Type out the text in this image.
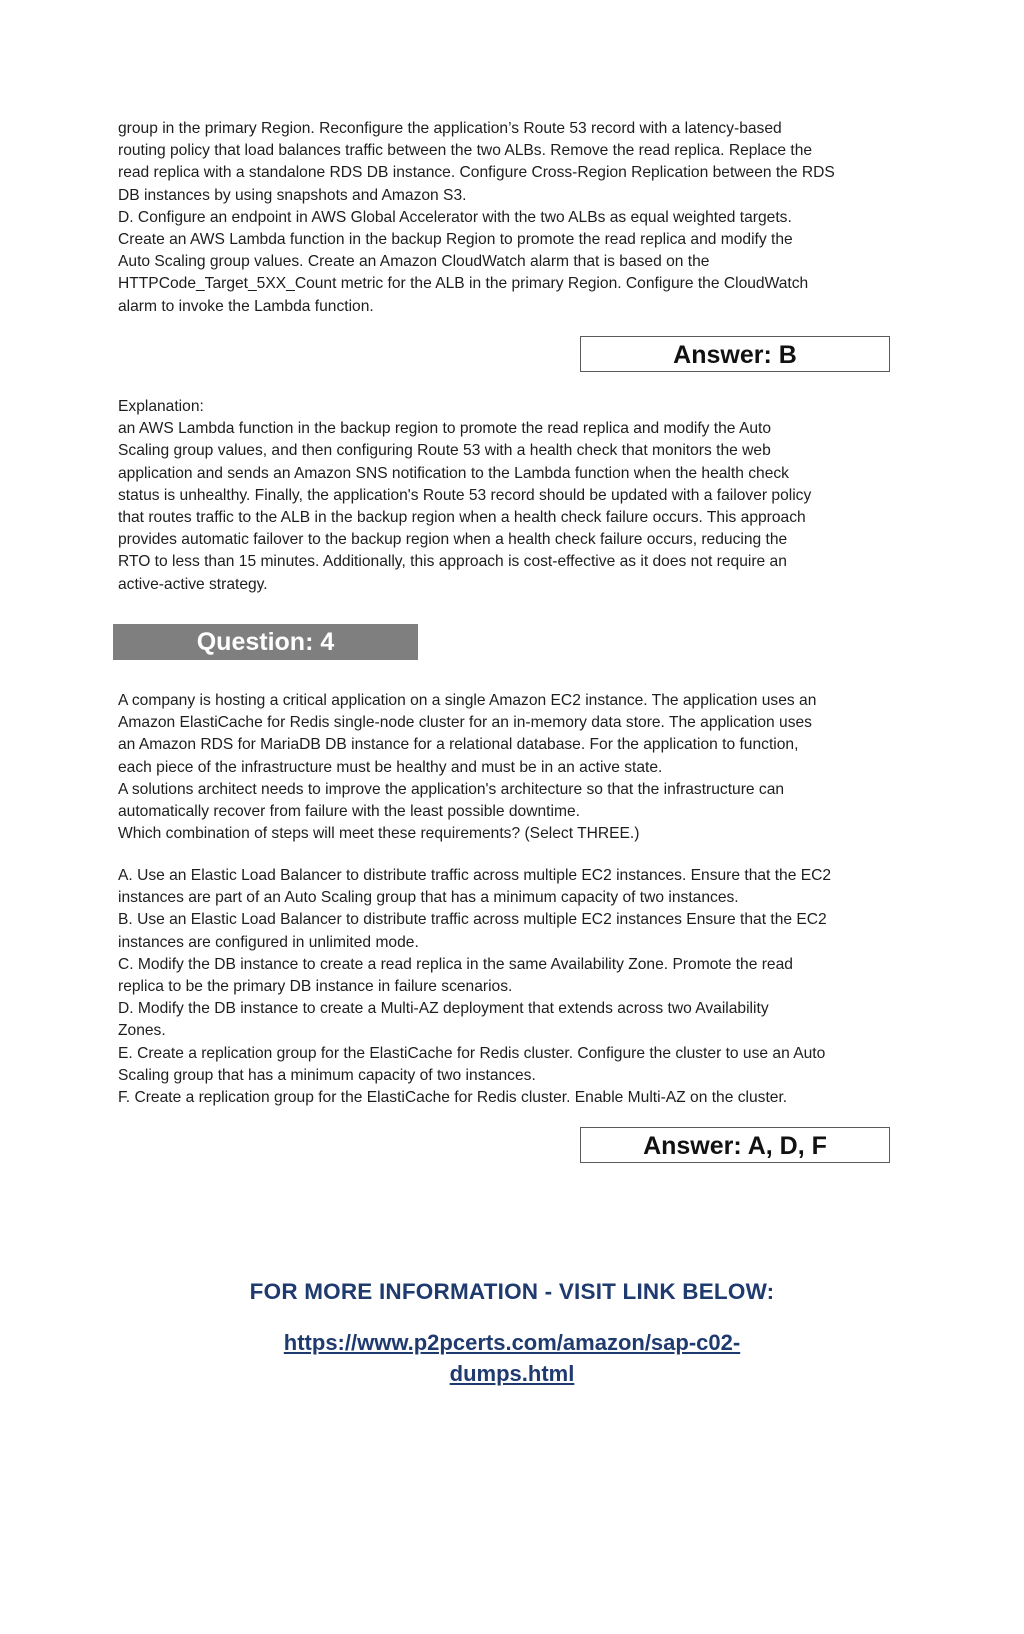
group in the primary Region. Reconfigure the application’s Route 53 record with a latency-based

routing policy that load balances traffic between the two ALBs. Remove the read replica. Replace the

read replica with a standalone RDS DB instance. Configure Cross-Region Replication between the RDS

DB instances by using snapshots and Amazon S3.

D. Configure an endpoint in AWS Global Accelerator with the two ALBs as equal weighted targets.

Create an AWS Lambda function in the backup Region to promote the read replica and modify the

Auto Scaling group values. Create an Amazon CloudWatch alarm that is based on the

HTTPCode_Target_5XX_Count metric for the ALB in the primary Region. Configure the CloudWatch

alarm to invoke the Lambda function.

Answer: B

Explanation:

an AWS Lambda function in the backup region to promote the read replica and modify the Auto

Scaling group values, and then configuring Route 53 with a health check that monitors the web

application and sends an Amazon SNS notification to the Lambda function when the health check

status is unhealthy. Finally, the application's Route 53 record should be updated with a failover policy

that routes traffic to the ALB in the backup region when a health check failure occurs. This approach

provides automatic failover to the backup region when a health check failure occurs, reducing the

RTO to less than 15 minutes. Additionally, this approach is cost-effective as it does not require an

active-active strategy.

Question: 4

A company is hosting a critical application on a single Amazon EC2 instance. The application uses an

Amazon ElastiCache for Redis single-node cluster for an in-memory data store. The application uses

an Amazon RDS for MariaDB DB instance for a relational database. For the application to function,

each piece of the infrastructure must be healthy and must be in an active state.

A solutions architect needs to improve the application's architecture so that the infrastructure can

automatically recover from failure with the least possible downtime.

Which combination of steps will meet these requirements? (Select THREE.)

A. Use an Elastic Load Balancer to distribute traffic across multiple EC2 instances. Ensure that the EC2

instances are part of an Auto Scaling group that has a minimum capacity of two instances.

B. Use an Elastic Load Balancer to distribute traffic across multiple EC2 instances Ensure that the EC2

instances are configured in unlimited mode.

C. Modify the DB instance to create a read replica in the same Availability Zone. Promote the read

replica to be the primary DB instance in failure scenarios.

D. Modify the DB instance to create a Multi-AZ deployment that extends across two Availability

Zones.

E. Create a replication group for the ElastiCache for Redis cluster. Configure the cluster to use an Auto

Scaling group that has a minimum capacity of two instances.

F. Create a replication group for the ElastiCache for Redis cluster. Enable Multi-AZ on the cluster.

Answer: A, D, F
FOR MORE INFORMATION - VISIT LINK BELOW:
https://www.p2pcerts.com/amazon/sap-c02-dumps.html
